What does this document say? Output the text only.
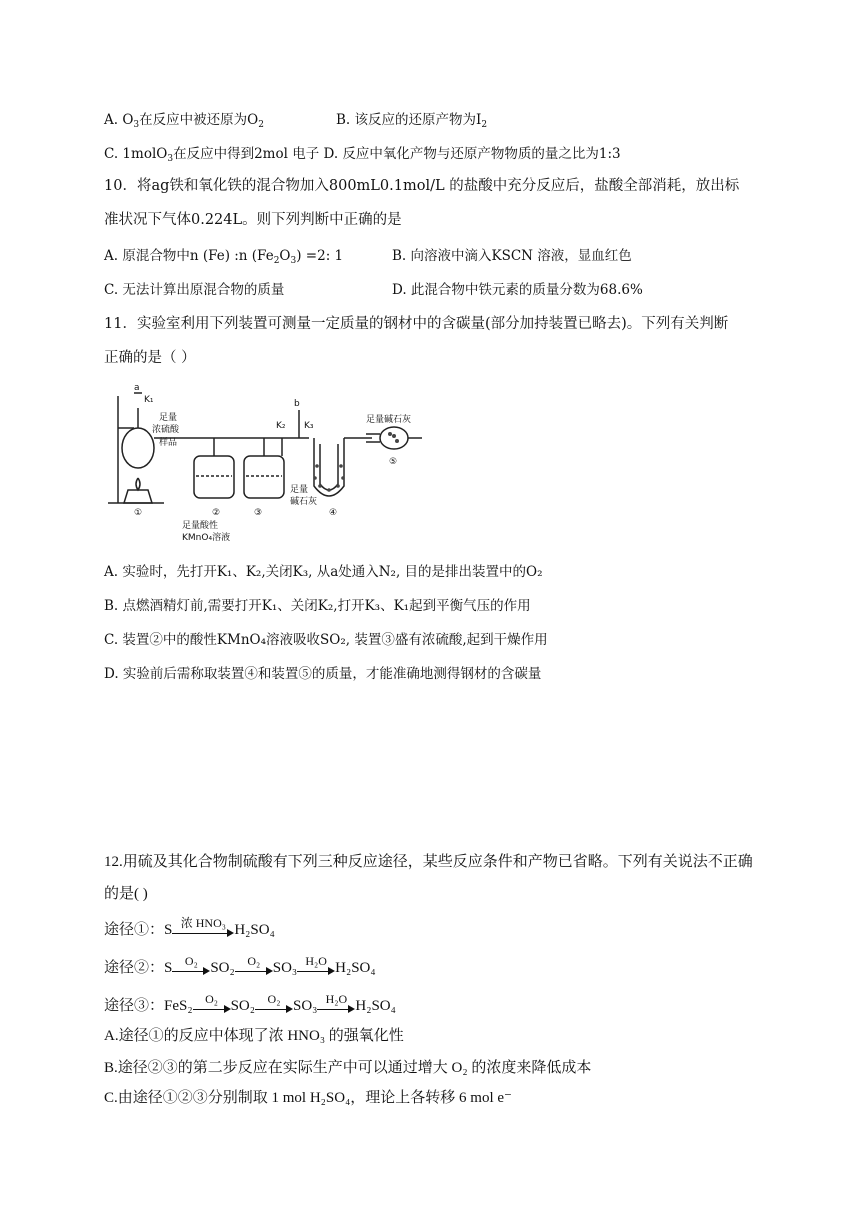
A. $O_3$在反应中被还原为$O_2$	B. 该反应的还原产物为$I_2$
C. 1molO$_3$在反应中得到2mol 电子 D. 反应中氧化产物与还原产物物质的量之比为1:3
10．将ag铁和氧化铁的混合物加入800mL0.1mol/L 的盐酸中充分反应后，盐酸全部消耗，放出标
准状况下气体0.224L。则下列判断中正确的是
A. 原混合物中n (Fe) :n $(Fe_2O_3) =2$: 1	B. 向溶液中滴入KSCN 溶液，显血红色
C. 无法计算出原混合物的质量	D. 此混合物中铁元素的质量分数为68.6%
11．实验室利用下列装置可测量一定质量的钢材中的含碳量(部分加持装置已略去)。下列有关判断
正确的是（ ）
a
K₁
足量
浓硫酸
样品
b
K₂ K₃
足量碱石灰
足量
碱石灰
①	②	③	④
⑤
足量酸性
KMnO₄溶液
A. 实验时，先打开K₁、K₂,关闭K₃, 从a处通入N₂, 目的是排出装置中的O₂
B. 点燃酒精灯前,需要打开K₁、关闭K₂,打开K₃、K₁起到平衡气压的作用
C. 装置②中的酸性KMnO₄溶液吸收SO₂, 装置③盛有浓硫酸,起到干燥作用
D. 实验前后需称取装置④和装置⑤的质量，才能准确地测得钢材的含碳量
12.用硫及其化合物制硫酸有下列三种反应途径，某些反应条件和产物已省略。下列有关说法不正确
的是( )
途径①：S 浓 HNO₃ H₂SO₄
途径②：S	O₂ SO₂	O₂ SO₃ H₂O H₂SO₄
途径③：FeS₂	O₂ SO₂	O₂ SO₃ H₂O H₂SO₄
A.途径①的反应中体现了浓 HNO₃ 的强氧化性
B.途径②③的第二步反应在实际生产中可以通过增大 O₂ 的浓度来降低成本
C.由途径①②③分别制取 1 mol H₂SO₄，理论上各转移 6 mol e⁻
